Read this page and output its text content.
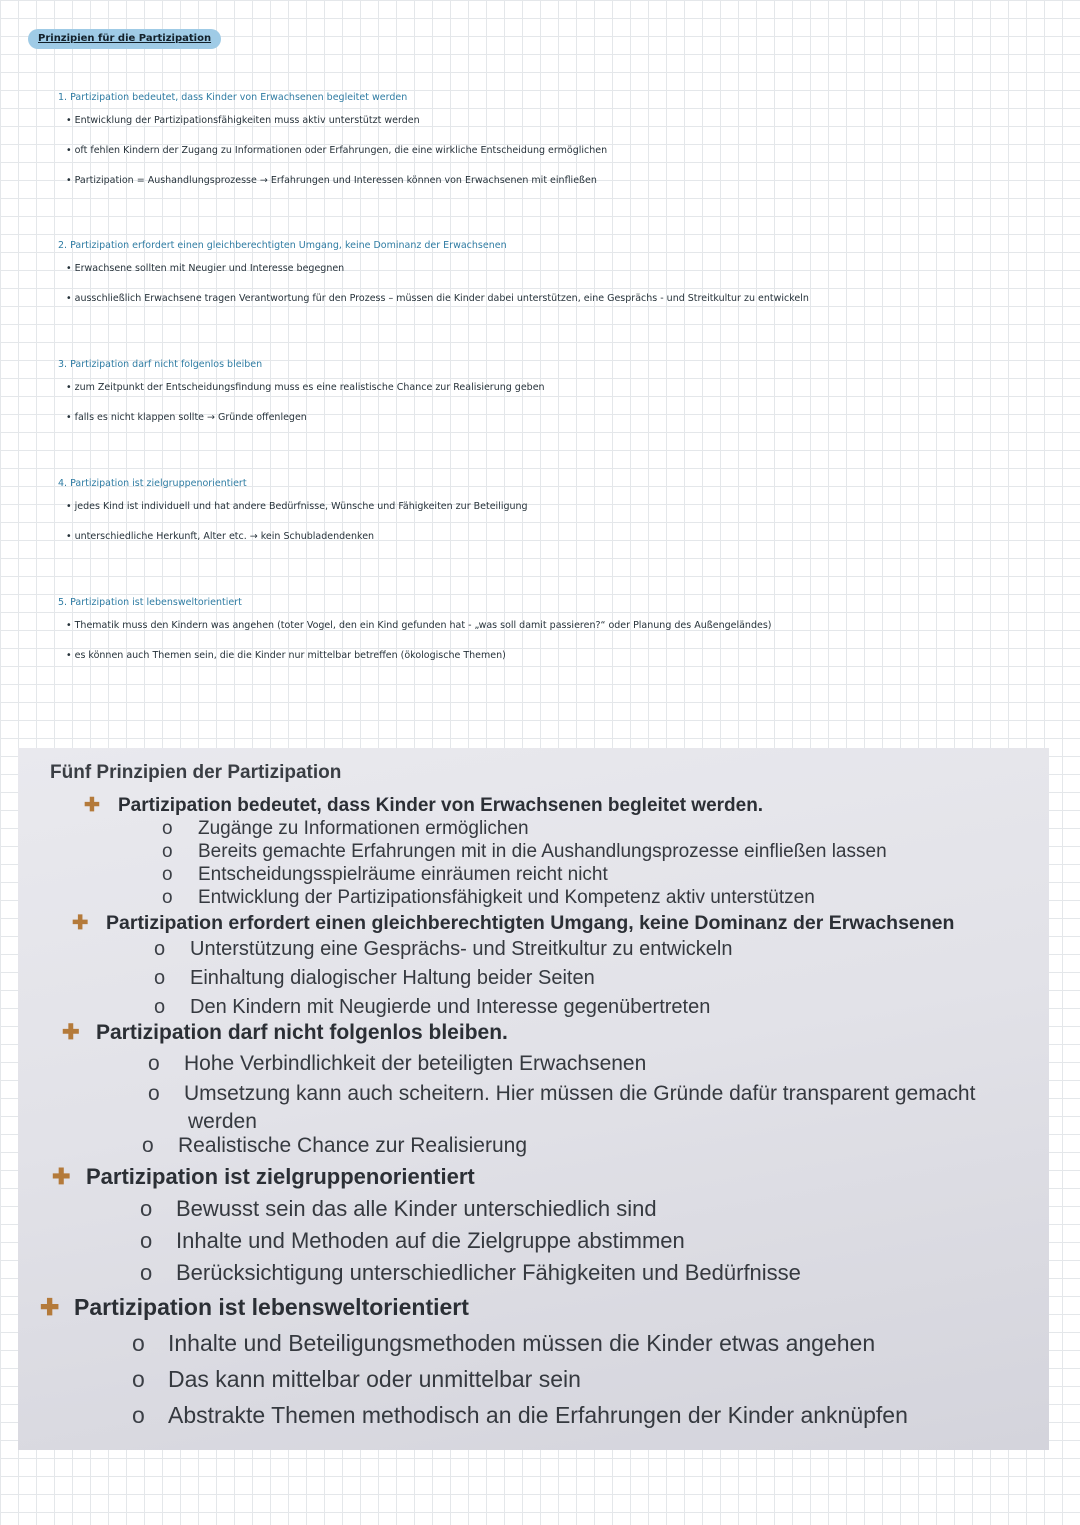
Prinzipien für die Partizipation
1. Partizipation bedeutet, dass Kinder von Erwachsenen begleitet werden
• Entwicklung der Partizipationsfähigkeiten muss aktiv unterstützt werden
• oft fehlen Kindern der Zugang zu Informationen oder Erfahrungen, die eine wirkliche Entscheidung ermöglichen
• Partizipation = Aushandlungsprozesse → Erfahrungen und Interessen können von Erwachsenen mit einfließen
2. Partizipation erfordert einen gleichberechtigten Umgang, keine Dominanz der Erwachsenen
• Erwachsene sollten mit Neugier und Interesse begegnen
• ausschließlich Erwachsene tragen Verantwortung für den Prozess – müssen die Kinder dabei unterstützen, eine Gesprächs - und Streitkultur zu entwickeln
3. Partizipation darf nicht folgenlos bleiben
• zum Zeitpunkt der Entscheidungsfindung muss es eine realistische Chance zur Realisierung geben
• falls es nicht klappen sollte → Gründe offenlegen
4. Partizipation ist zielgruppenorientiert
• jedes Kind ist individuell und hat andere Bedürfnisse, Wünsche und Fähigkeiten zur Beteiligung
• unterschiedliche Herkunft, Alter etc. → kein Schubladendenken
5. Partizipation ist lebensweltorientiert
• Thematik muss den Kindern was angehen (toter Vogel, den ein Kind gefunden hat - „was soll damit passieren?“ oder Planung des Außengeländes)
• es können auch Themen sein, die die Kinder nur mittelbar betreffen (ökologische Themen)
Fünf Prinzipien der Partizipation
✚ Partizipation bedeutet, dass Kinder von Erwachsenen begleitet werden.
o Zugänge zu Informationen ermöglichen
o Bereits gemachte Erfahrungen mit in die Aushandlungsprozesse einfließen lassen
o Entscheidungsspielräume einräumen reicht nicht
o Entwicklung der Partizipationsfähigkeit und Kompetenz aktiv unterstützen
✚ Partizipation erfordert einen gleichberechtigten Umgang, keine Dominanz der Erwachsenen
o Unterstützung eine Gesprächs- und Streitkultur zu entwickeln
o Einhaltung dialogischer Haltung beider Seiten
o Den Kindern mit Neugierde und Interesse gegenübertreten
✚ Partizipation darf nicht folgenlos bleiben.
o Hohe Verbindlichkeit der beteiligten Erwachsenen
o Umsetzung kann auch scheitern. Hier müssen die Gründe dafür transparent gemacht
werden
o Realistische Chance zur Realisierung
✚ Partizipation ist zielgruppenorientiert
o Bewusst sein das alle Kinder unterschiedlich sind
o Inhalte und Methoden auf die Zielgruppe abstimmen
o Berücksichtigung unterschiedlicher Fähigkeiten und Bedürfnisse
✚ Partizipation ist lebensweltorientiert
o Inhalte und Beteiligungsmethoden müssen die Kinder etwas angehen
o Das kann mittelbar oder unmittelbar sein
o Abstrakte Themen methodisch an die Erfahrungen der Kinder anknüpfen
